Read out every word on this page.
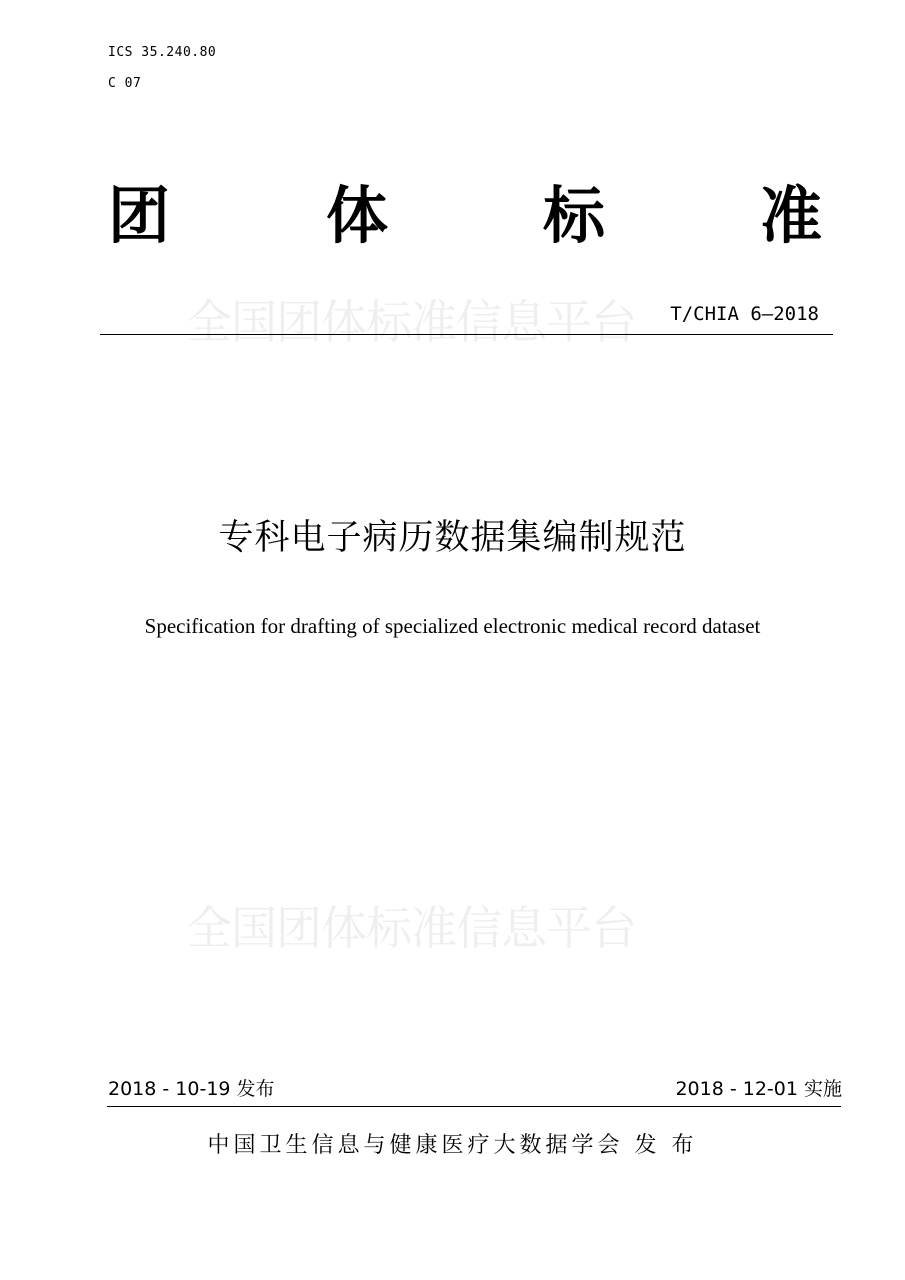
ICS 35.240.80
C 07
团	体 标 准
全国团体标准信息平台
全国团体标准信息平台
T/CHIA 6—2018
专科电子病历数据集编制规范
Specification for drafting of specialized electronic medical record dataset
2018 - 10-19 发布	2018 - 12-01 实施
中国卫生信息与健康医疗大数据学会 发 布
